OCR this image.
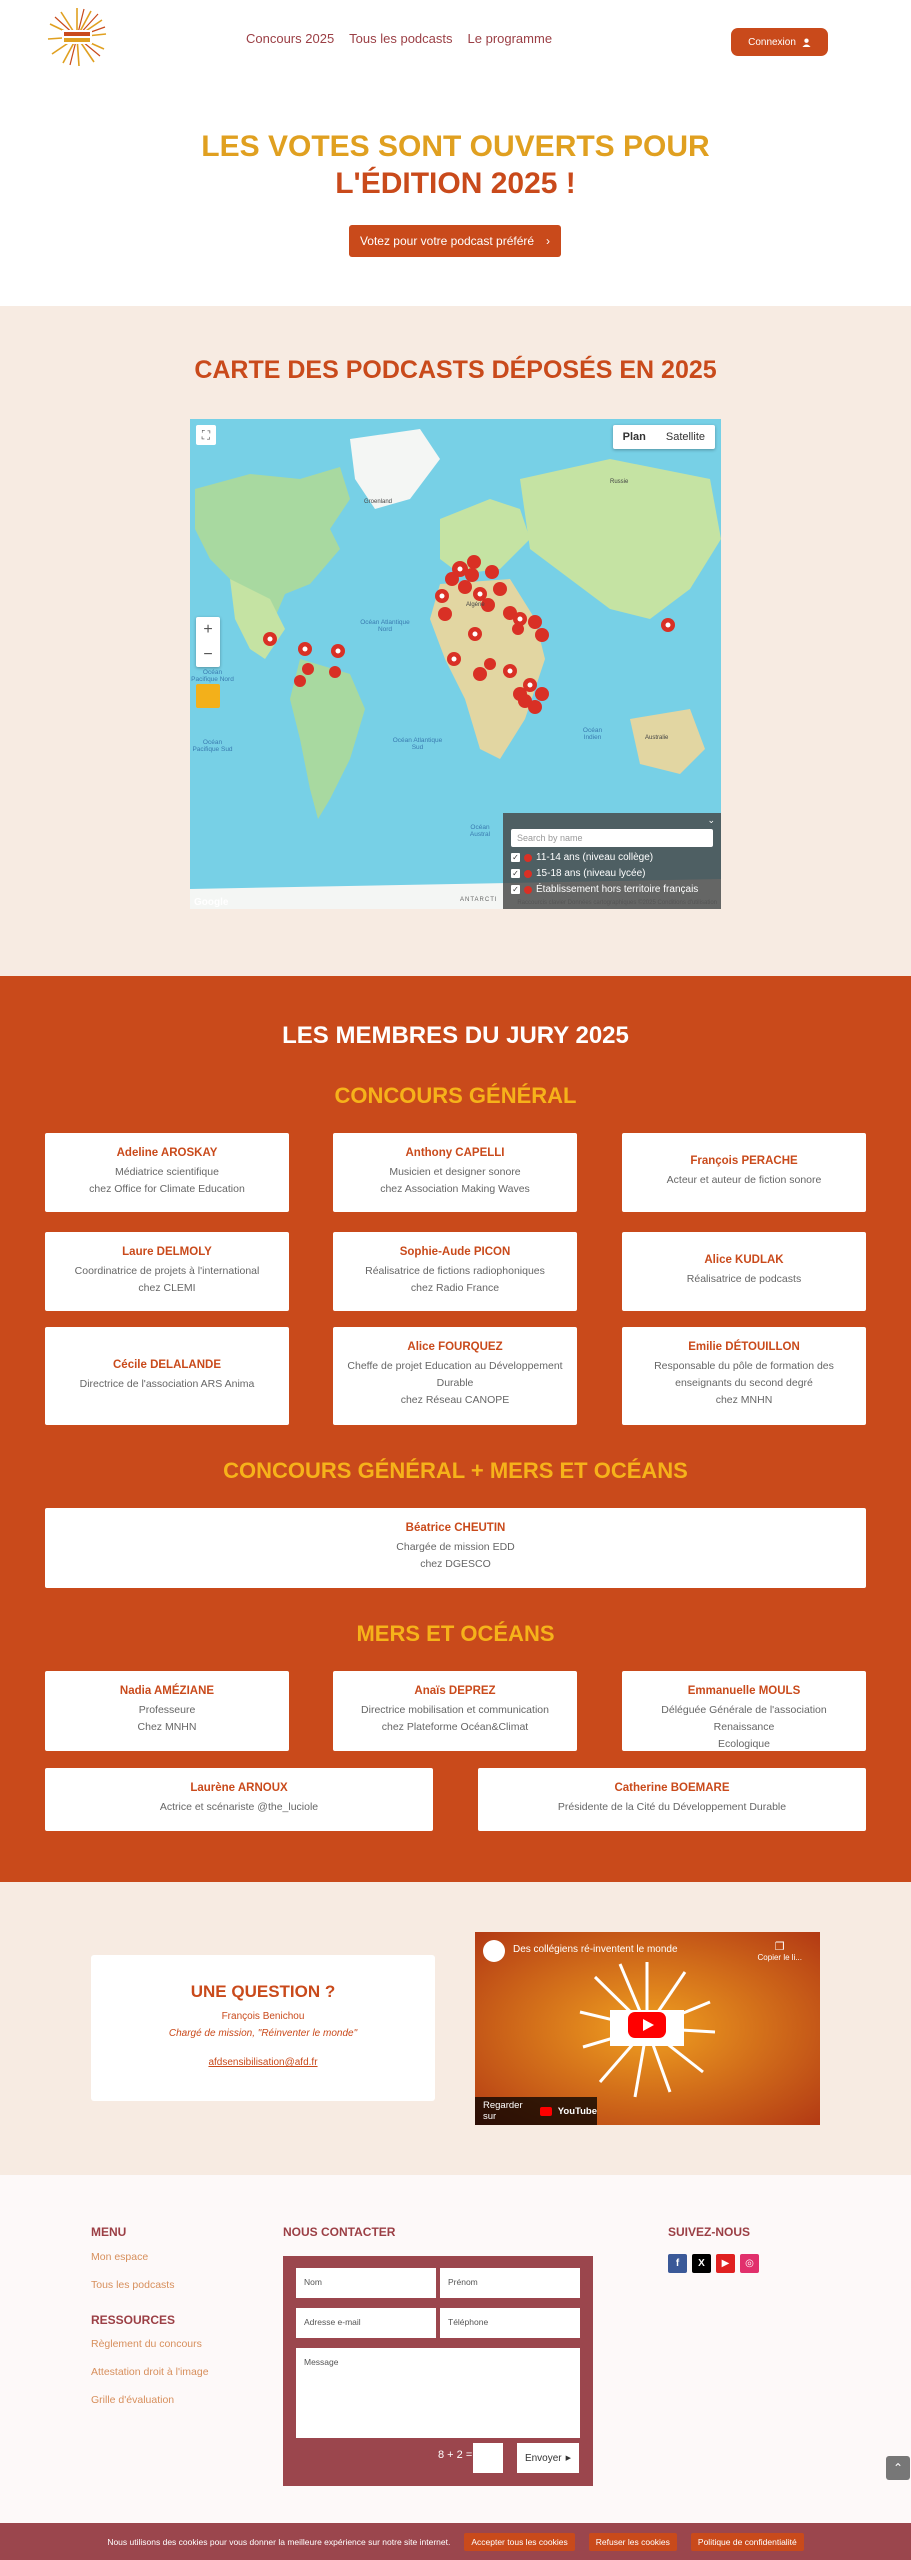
Concours 2025 Tous les podcasts Le programme	Connexion
LES VOTES SONT OUVERTS POUR
L'ÉDITION 2025 !
Votez pour votre podcast préféré ›
CARTE DES PODCASTS DÉPOSÉS EN 2025
Groenland
Russie
Océan Atlantique Nord
Algérie
Océan Pacifique Nord
Océan Pacifique Sud
Océan Atlantique Sud
Océan Indien	Australie
Océan Austral
ANTARCTI
⛶	Plan	Satellite
+
−
⌄
Search by name
✓ 11-14 ans (niveau collège)
✓ 15-18 ans (niveau lycée)
✓ Établissement hors territoire français
Google	Raccourcis clavier Données cartographiques ©2025 Conditions d'utilisation
LES MEMBRES DU JURY 2025
CONCOURS GÉNÉRAL
Adeline AROSKAY
Médiatrice scientifique
chez Office for Climate Education
Anthony CAPELLI
Musicien et designer sonore
chez Association Making Waves
François PERACHE
Acteur et auteur de fiction sonore
Laure DELMOLY
Coordinatrice de projets à l'international
chez CLEMI
Sophie-Aude PICON
Réalisatrice de fictions radiophoniques
chez Radio France
Alice KUDLAK
Réalisatrice de podcasts
Cécile DELALANDE
Directrice de l'association ARS Anima
Alice FOURQUEZ
Cheffe de projet Education au Développement
Durable
chez Réseau CANOPE
Emilie DÉTOUILLON
Responsable du pôle de formation des
enseignants du second degré
chez MNHN
CONCOURS GÉNÉRAL + MERS ET OCÉANS
Béatrice CHEUTIN
Chargée de mission EDD
chez DGESCO
MERS ET OCÉANS
Nadia AMÉZIANE
Professeure
Chez MNHN
Anaïs DEPREZ
Directrice mobilisation et communication
chez Plateforme Océan&Climat
Emmanuelle MOULS
Déléguée Générale de l'association Renaissance
Ecologique
Laurène ARNOUX
Actrice et scénariste @the_luciole
Catherine BOEMARE
Présidente de la Cité du Développement Durable
UNE QUESTION ?
François Benichou
Chargé de mission, "Réinventer le monde"
afdsensibilisation@afd.fr
Des collégiens ré-inventent le monde	❐
Copier le li...
Regarder sur	YouTube
MENU
Mon espace
Tous les podcasts
RESSOURCES
Règlement du concours
Attestation droit à l'image
Grille d'évaluation
NOUS CONTACTER
Nom	Prénom
Adresse e-mail	Téléphone
Message
8 + 2 =	Envoyer ▶
SUIVEZ-NOUS
f	X	▶	◎
⌃
Nous utilisons des cookies pour vous donner la meilleure expérience sur notre site internet.	Accepter tous les cookies	Refuser les cookies	Politique de confidentialité
